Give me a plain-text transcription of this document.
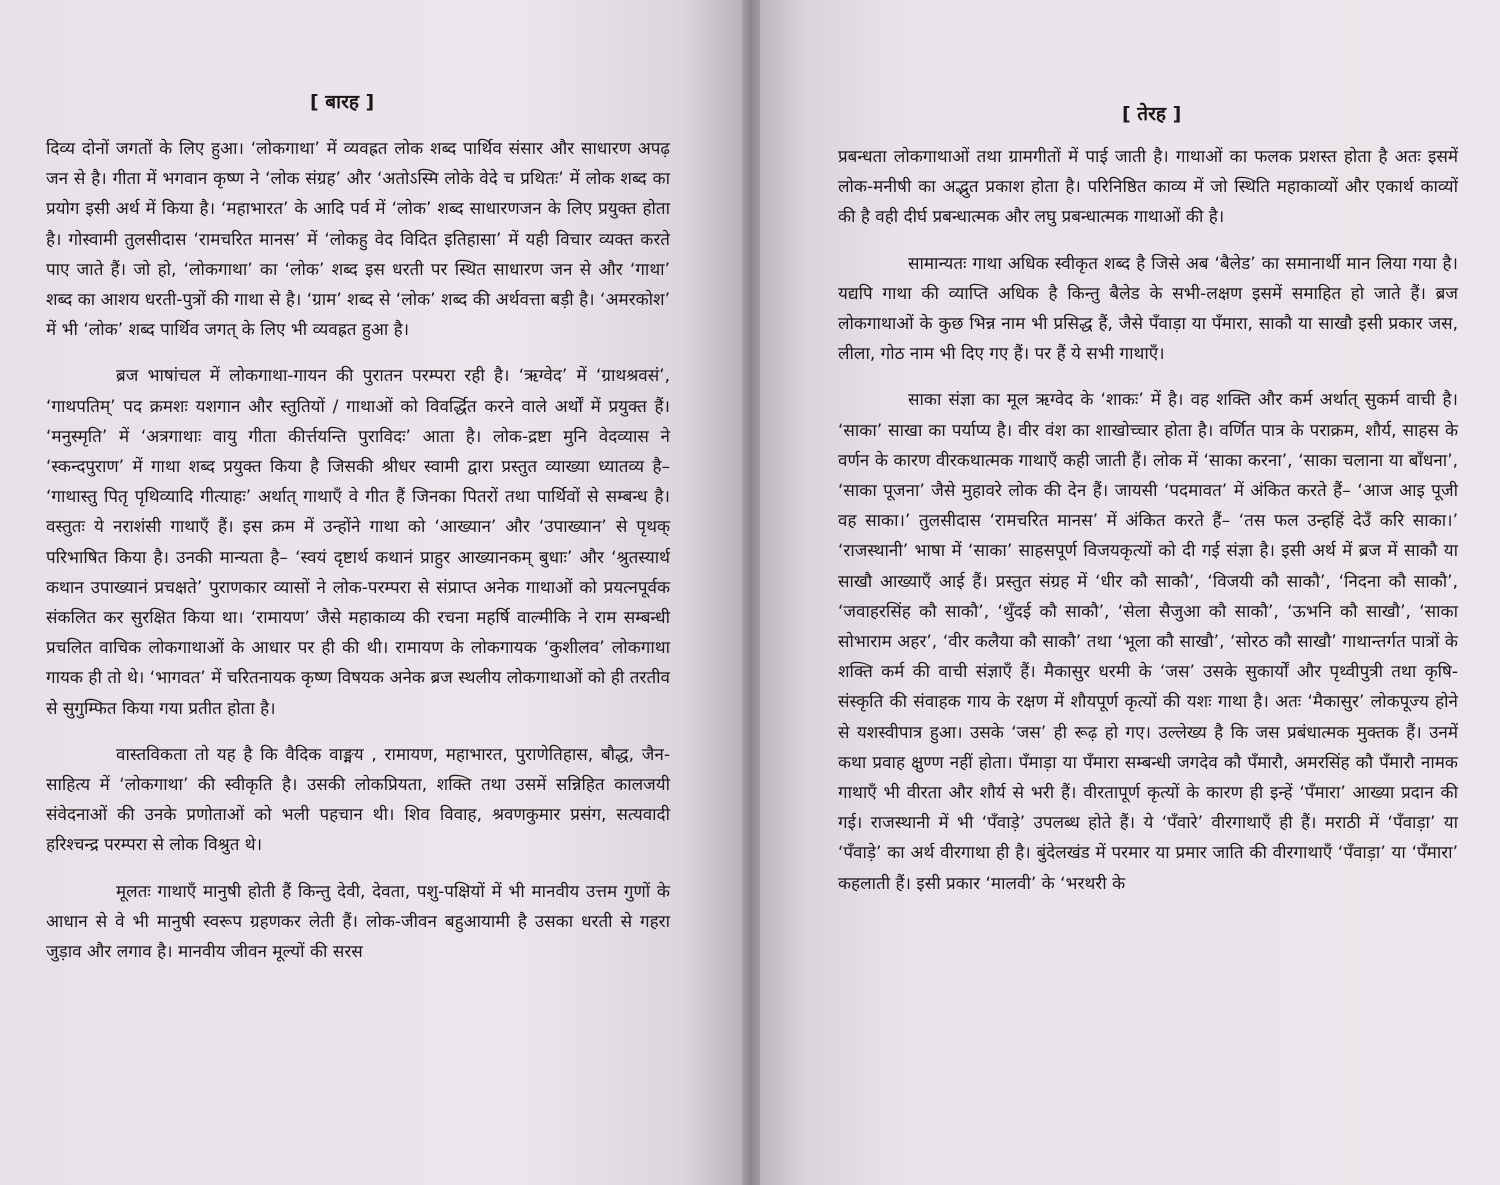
[ बारह ]

दिव्य दोनों जगतों के लिए हुआ। ‘लोकगाथा’ में व्यवह्रत लोक शब्द पार्थिव संसार और साधारण अपढ़ जन से है। गीता में भगवान कृष्ण ने ‘लोक संग्रह’ और ‘अतोऽस्मि लोके वेदे च प्रथितः’ में लोक शब्द का प्रयोग इसी अर्थ में किया है। ‘महाभारत’ के आदि पर्व में ‘लोक’ शब्द साधारणजन के लिए प्रयुक्त होता है। गोस्वामी तुलसीदास ‘रामचरित मानस’ में ‘लोकहु वेद विदित इतिहासा’ में यही विचार व्यक्त करते पाए जाते हैं। जो हो, ‘लोकगाथा’ का ‘लोक’ शब्द इस धरती पर स्थित साधारण जन से और ‘गाथा’ शब्द का आशय धरती-पुत्रों की गाथा से है। ‘ग्राम’ शब्द से ‘लोक’ शब्द की अर्थवत्ता बड़ी है। ‘अमरकोश’ में भी ‘लोक’ शब्द पार्थिव जगत् के लिए भी व्यवह्रत हुआ है।

ब्रज भाषांचल में लोकगाथा-गायन की पुरातन परम्परा रही है। ‘ऋग्वेद’ में ‘ग्राथश्रवसं’, ‘गाथपतिम्’ पद क्रमशः यशगान और स्तुतियों / गाथाओं को विवर्द्धित करने वाले अर्थों में प्रयुक्त हैं। ‘मनुस्मृति’ में ‘अत्रगाथाः वायु गीता कीर्त्तयन्ति पुराविदः’ आता है। लोक-द्रष्टा मुनि वेदव्यास ने ‘स्कन्दपुराण’ में गाथा शब्द प्रयुक्त किया है जिसकी श्रीधर स्वामी द्वारा प्रस्तुत व्याख्या ध्यातव्य है– ‘गाथास्तु पितृ पृथिव्यादि गीत्याहः’ अर्थात् गाथाएँ वे गीत हैं जिनका पितरों तथा पार्थिवों से सम्बन्ध है। वस्तुतः ये नराशंसी गाथाएँ हैं। इस क्रम में उन्होंने गाथा को ‘आख्यान’ और ‘उपाख्यान’ से पृथक् परिभाषित किया है। उनकी मान्यता है– ‘स्वयं दृष्टार्थ कथानं प्राहुर आख्यानकम् बुधाः’ और ‘श्रुतस्यार्थ कथान उपाख्यानं प्रचक्षते’ पुराणकार व्यासों ने लोक-परम्परा से संप्राप्त अनेक गाथाओं को प्रयत्नपूर्वक संकलित कर सुरक्षित किया था। ‘रामायण’ जैसे महाकाव्य की रचना महर्षि वाल्मीकि ने राम सम्बन्धी प्रचलित वाचिक लोकगाथाओं के आधार पर ही की थी। रामायण के लोकगायक ‘कुशीलव’ लोकगाथा गायक ही तो थे। ‘भागवत’ में चरितनायक कृष्ण विषयक अनेक ब्रज स्थलीय लोकगाथाओं को ही तरतीव से सुगुम्फित किया गया प्रतीत होता है।

वास्तविकता तो यह है कि वैदिक वाङ्मय , रामायण, महाभारत, पुराणेतिहास, बौद्ध, जैन-साहित्य में ‘लोकगाथा’ की स्वीकृति है। उसकी लोकप्रियता, शक्ति तथा उसमें सन्निहित कालजयी संवेदनाओं की उनके प्रणोताओं को भली पहचान थी। शिव विवाह, श्रवणकुमार प्रसंग, सत्यवादी हरिश्चन्द्र परम्परा से लोक विश्रुत थे।

मूलतः गाथाएँ मानुषी होती हैं किन्तु देवी, देवता, पशु-पक्षियों में भी मानवीय उत्तम गुणों के आधान से वे भी मानुषी स्वरूप ग्रहणकर लेती हैं। लोक-जीवन बहुआयामी है उसका धरती से गहरा जुड़ाव और लगाव है। मानवीय जीवन मूल्यों की सरस

[ तेरह ]

प्रबन्धता लोकगाथाओं तथा ग्रामगीतों में पाई जाती है। गाथाओं का फलक प्रशस्त होता है अतः इसमें लोक-मनीषी का अद्भुत प्रकाश होता है। परिनिष्ठित काव्य में जो स्थिति महाकाव्यों और एकार्थ काव्यों की है वही दीर्घ प्रबन्धात्मक और लघु प्रबन्धात्मक गाथाओं की है।

सामान्यतः गाथा अधिक स्वीकृत शब्द है जिसे अब ‘बैलेड’ का समानार्थी मान लिया गया है। यद्यपि गाथा की व्याप्ति अधिक है किन्तु बैलेड के सभी-लक्षण इसमें समाहित हो जाते हैं। ब्रज लोकगाथाओं के कुछ भिन्न नाम भी प्रसिद्ध हैं, जैसे पँवाड़ा या पँमारा, साकौ या साखौ इसी प्रकार जस, लीला, गोठ नाम भी दिए गए हैं। पर हैं ये सभी गाथाएँ।

साका संज्ञा का मूल ऋग्वेद के ‘शाकः’ में है। वह शक्ति और कर्म अर्थात् सुकर्म वाची है। ‘साका’ साखा का पर्याप्य है। वीर वंश का शाखोच्चार होता है। वर्णित पात्र के पराक्रम, शौर्य, साहस के वर्णन के कारण वीरकथात्मक गाथाएँ कही जाती हैं। लोक में ‘साका करना’, ‘साका चलाना या बाँधना’, ‘साका पूजना’ जैसे मुहावरे लोक की देन हैं। जायसी ‘पदमावत’ में अंकित करते हैं– ‘आज आइ पूजी वह साका।’ तुलसीदास ‘रामचरित मानस’ में अंकित करते हैं– ‘तस फल उन्हहिं देउँ करि साका।’ ‘राजस्थानी’ भाषा में ‘साका’ साहसपूर्ण विजयकृत्यों को दी गई संज्ञा है। इसी अर्थ में ब्रज में साकौ या साखौ आख्याएँ आई हैं। प्रस्तुत संग्रह में ‘धीर कौ साकौ’, ‘विजयी कौ साकौ’, ‘निदना कौ साकौ’, ‘जवाहरसिंह कौ साकौ’, ‘थुँदई कौ साकौ’, ‘सेला सैजुआ कौ साकौ’, ‘ऊभनि कौ साखौ’, ‘साका सोभाराम अहर’, ‘वीर कलैया कौ साकौ’ तथा ‘भूला कौ साखौ’, ‘सोरठ कौ साखौ’ गाथान्तर्गत पात्रों के शक्ति कर्म की वाची संज्ञाएँ हैं। मैकासुर धरमी के ‘जस’ उसके सुकार्यों और पृथ्वीपुत्री तथा कृषि-संस्कृति की संवाहक गाय के रक्षण में शौयपूर्ण कृत्यों की यशः गाथा है। अतः ‘मैकासुर’ लोकपूज्य होने से यशस्वीपात्र हुआ। उसके ‘जस’ ही रूढ़ हो गए। उल्लेख्य है कि जस प्रबंधात्मक मुक्तक हैं। उनमें कथा प्रवाह क्षुण्ण नहीं होता। पँमाड़ा या पँमारा सम्बन्धी जगदेव कौ पँमारौ, अमरसिंह कौ पँमारौ नामक गाथाएँ भी वीरता और शौर्य से भरी हैं। वीरतापूर्ण कृत्यों के कारण ही इन्हें ‘पँमारा’ आख्या प्रदान की गई। राजस्थानी में भी ‘पँवाड़े’ उपलब्ध होते हैं। ये ‘पँवारे’ वीरगाथाएँ ही हैं। मराठी में ‘पँवाड़ा’ या ‘पँवाड़े’ का अर्थ वीरगाथा ही है। बुंदेलखंड में परमार या प्रमार जाति की वीरगाथाएँ ‘पँवाड़ा’ या ‘पँमारा’ कहलाती हैं। इसी प्रकार ‘मालवी’ के ‘भरथरी के
